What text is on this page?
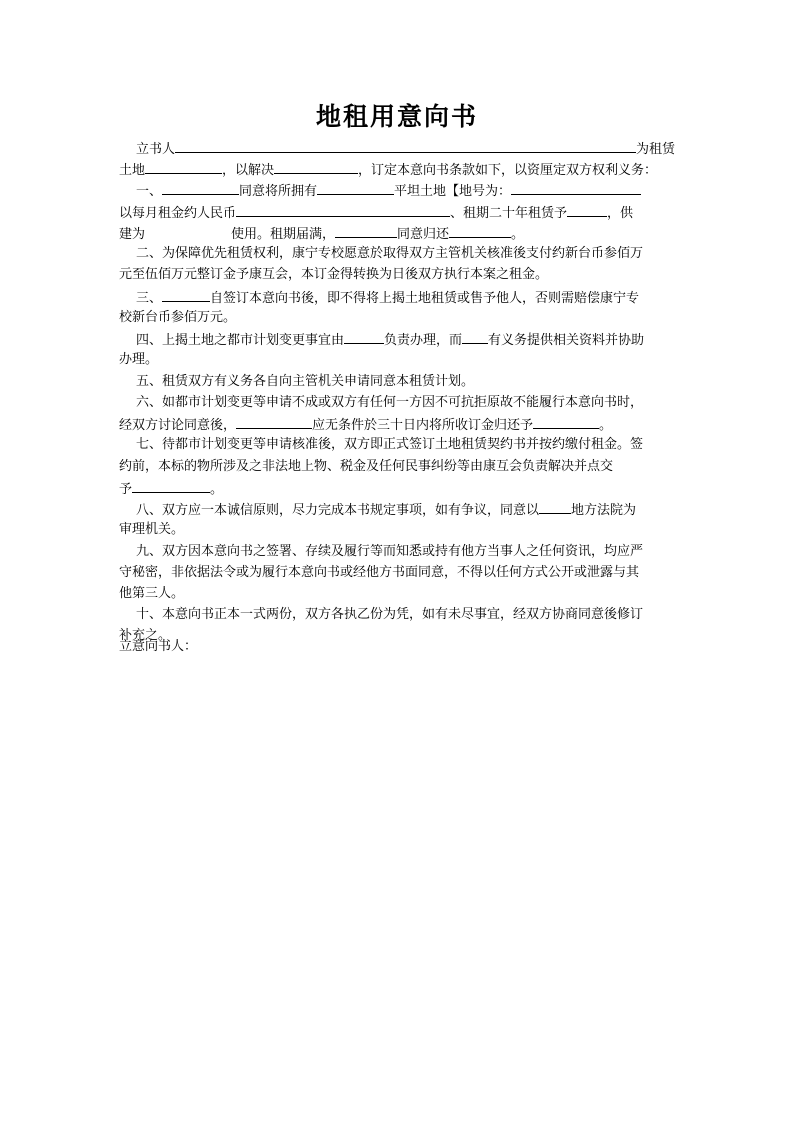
地租用意向书
立书人	为租赁
土地	，以解决	，订定本意向书条款如下，以资厘定双方权利义务：
一、	同意将所拥有	平坦土地【地号为：
以每月租金约人民币	、租期二十年租赁予	，供
建为	使用。租期届满，	同意归还	。
二、为保障优先租赁权利，康宁专校愿意於取得双方主管机关核准後支付约新台币参佰万
元至伍佰万元整订金予康互会，本订金得转换为日後双方执行本案之租金。
三、	自签订本意向书後，即不得将上揭土地租赁或售予他人，否则需赔偿康宁专
校新台币参佰万元。
四、上揭土地之都市计划变更事宜由	负责办理，而 有义务提供相关资料并协助
办理。
五、租赁双方有义务各自向主管机关申请同意本租赁计划。
六、如都市计划变更等申请不成或双方有任何一方因不可抗拒原故不能履行本意向书时，
经双方讨论同意後，	应无条件於三十日内将所收订金归还予	。
七、待都市计划变更等申请核准後，双方即正式签订土地租赁契约书并按约缴付租金。签
约前，本标的物所涉及之非法地上物、税金及任何民事纠纷等由康互会负责解决并点交
予	。
八、双方应一本诚信原则，尽力完成本书规定事项，如有争议，同意以 地方法院为
审理机关。
九、双方因本意向书之签署、存续及履行等而知悉或持有他方当事人之任何资讯，均应严
守秘密，非依据法令或为履行本意向书或经他方书面同意，不得以任何方式公开或泄露与其
他第三人。
十、本意向书正本一式两份，双方各执乙份为凭，如有未尽事宜，经双方协商同意後修订
补充之。
立意向书人：
